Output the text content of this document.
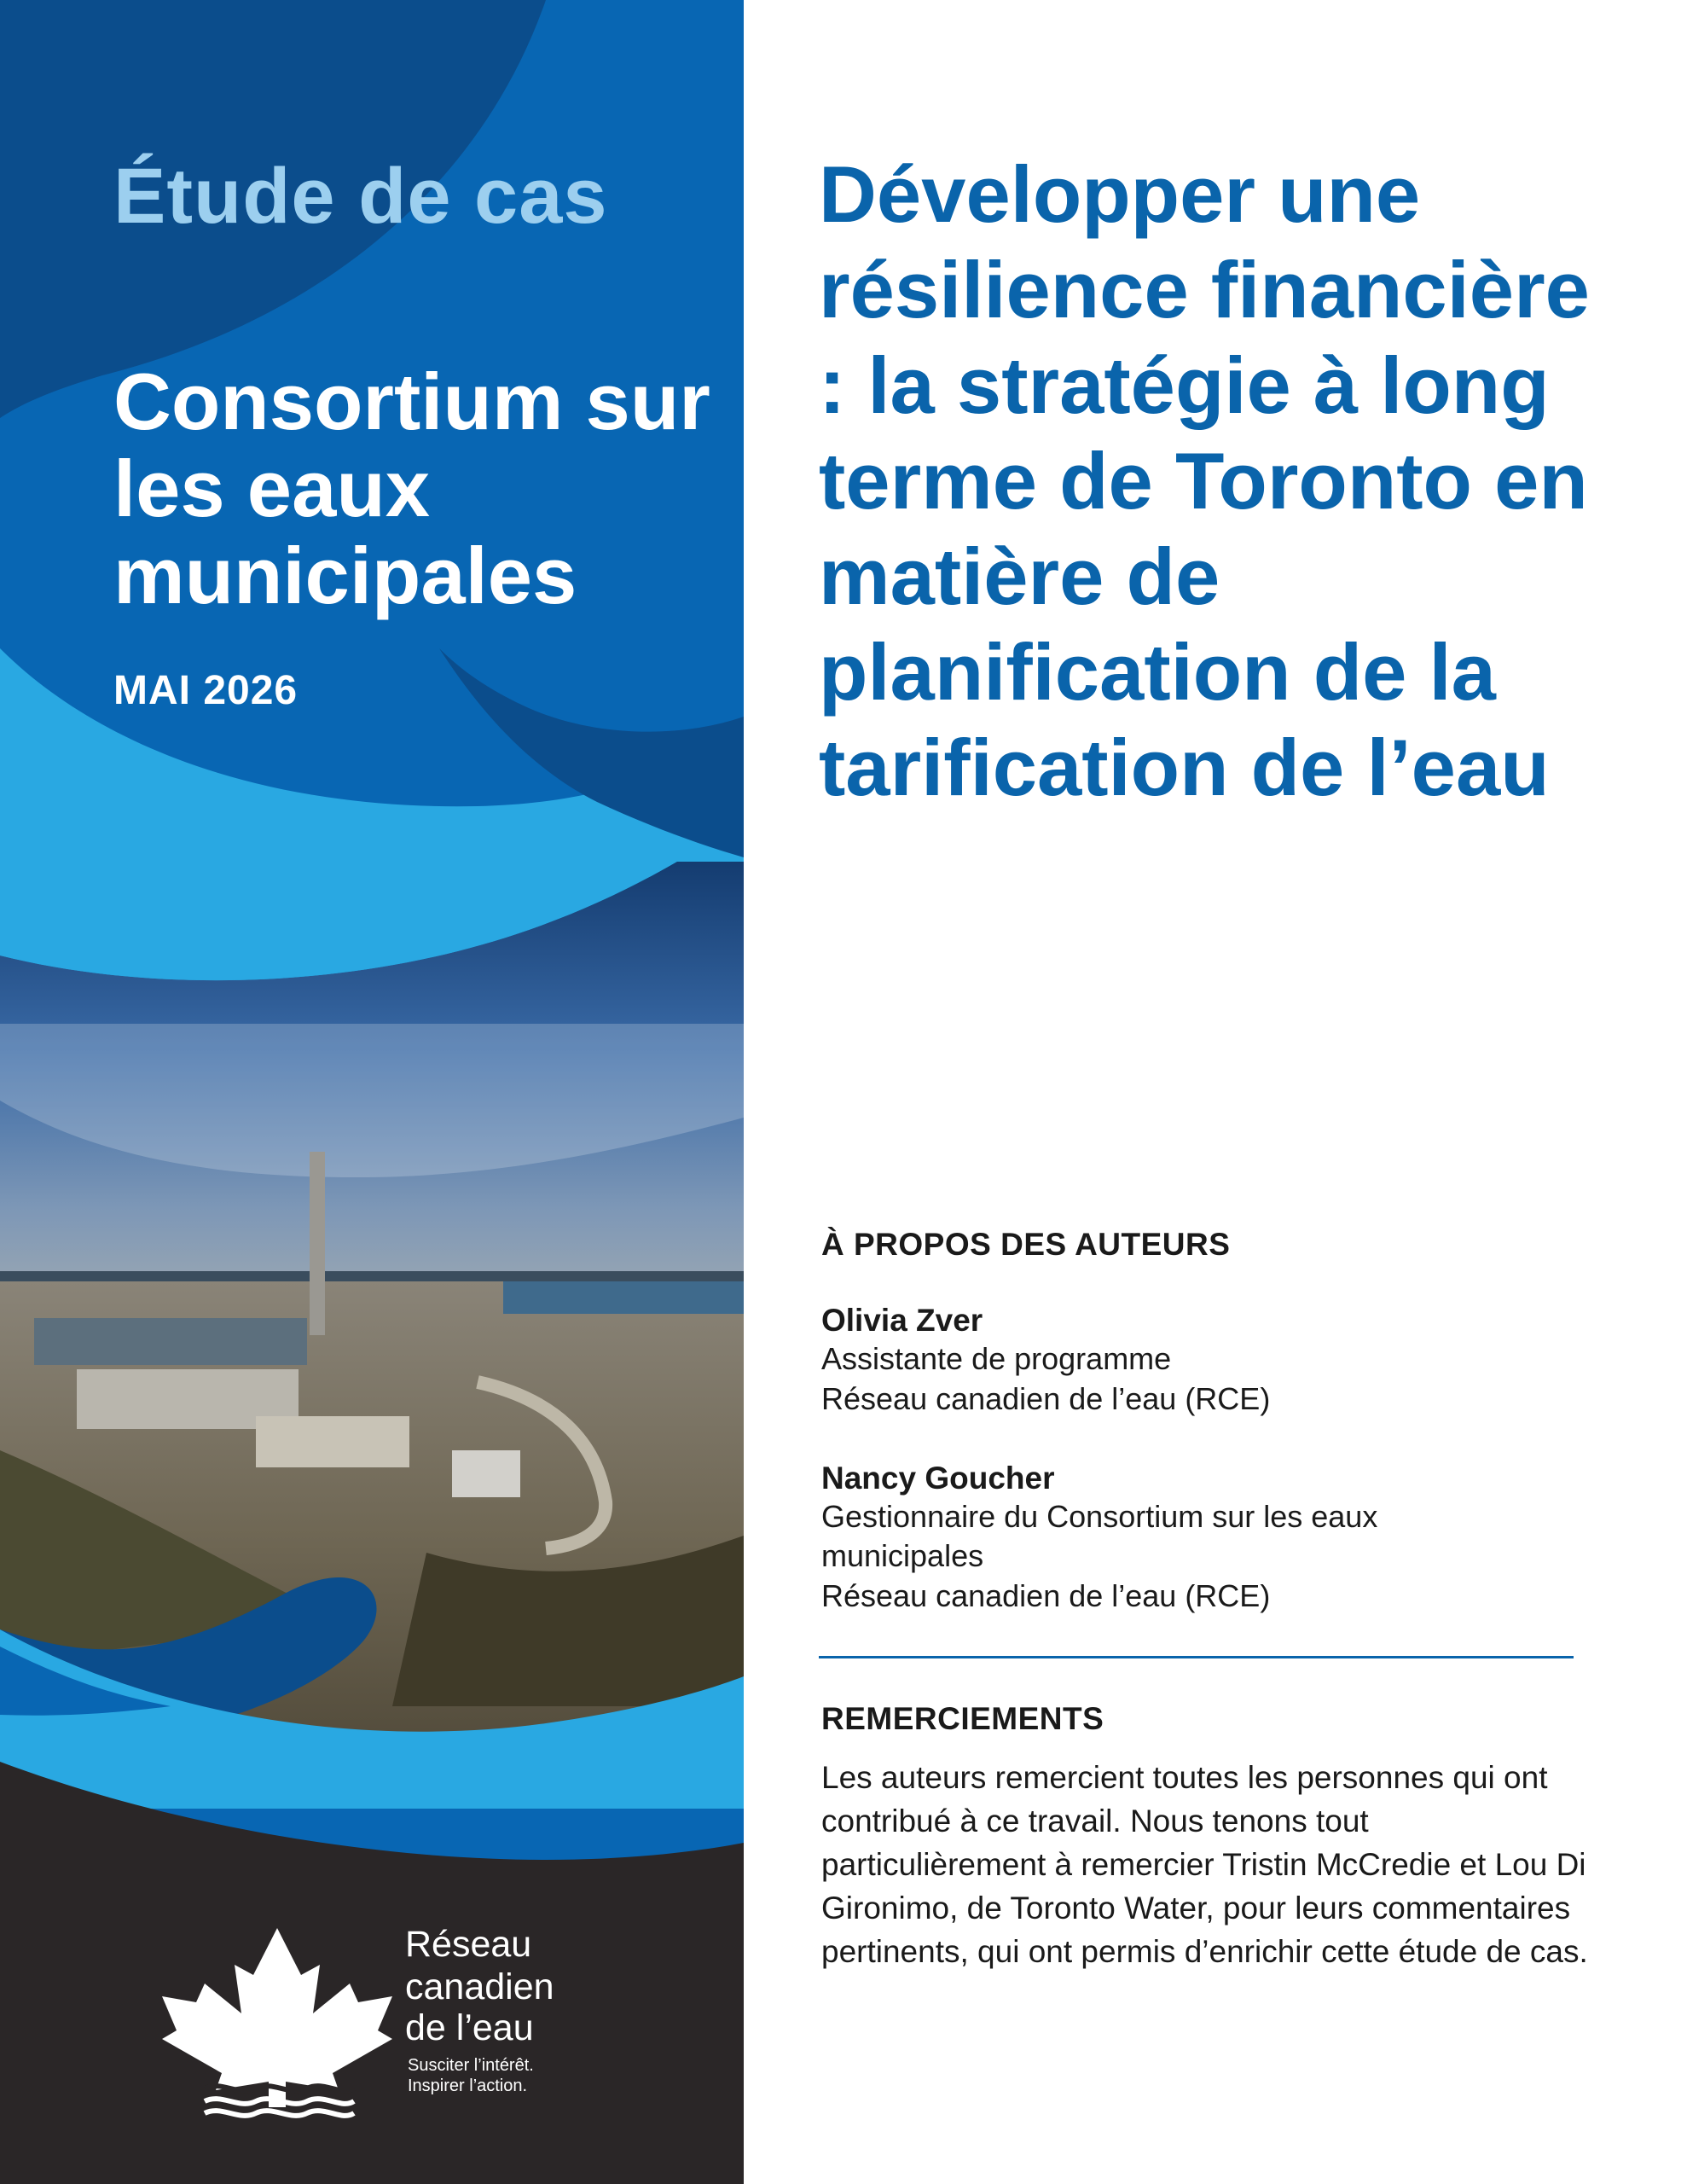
Étude de cas
Consortium sur les eaux municipales
MAI 2026
Réseau
canadien
de l’eau
Susciter l’intérêt.
Inspirer l’action.
Développer une résilience financière : la stratégie à long terme de Toronto en matière de planification de la tarification de l’eau
À PROPOS DES AUTEURS
Olivia Zver
Assistante de programme
Réseau canadien de l’eau (RCE)
Nancy Goucher
Gestionnaire du Consortium sur les eaux municipales
Réseau canadien de l’eau (RCE)
REMERCIEMENTS
Les auteurs remercient toutes les personnes qui ont contribué à ce travail. Nous tenons tout particulièrement à remercier Tristin McCredie et Lou Di Gironimo, de Toronto Water, pour leurs commentaires pertinents, qui ont permis d’enrichir cette étude de cas.
